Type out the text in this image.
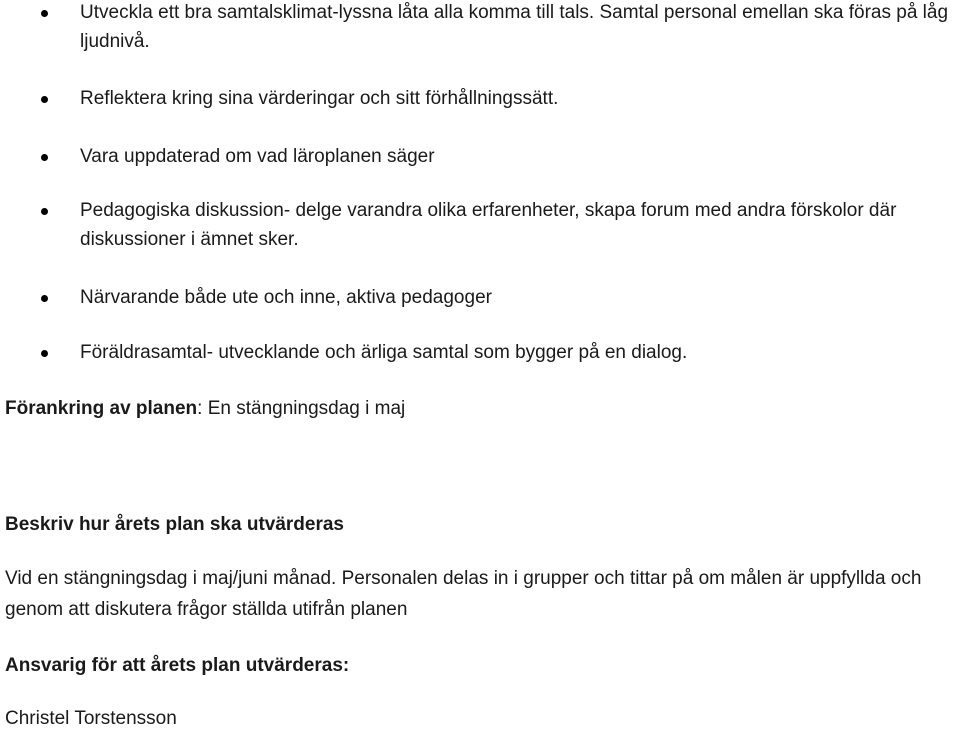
Utveckla ett bra samtalsklimat-lyssna låta alla komma till tals. Samtal personal emellan ska föras på låg ljudnivå.
Reflektera kring sina värderingar och sitt förhållningssätt.
Vara uppdaterad om vad läroplanen säger
Pedagogiska diskussion- delge varandra olika erfarenheter, skapa forum med andra förskolor där diskussioner i ämnet sker.
Närvarande både ute och inne, aktiva pedagoger
Föräldrasamtal- utvecklande och ärliga samtal som bygger på en dialog.
Förankring av planen: En stängningsdag i maj
Beskriv hur årets plan ska utvärderas
Vid en stängningsdag i maj/juni månad. Personalen delas in i grupper och tittar på om målen är uppfyllda och genom att diskutera frågor ställda utifrån planen
Ansvarig för att årets plan utvärderas:
Christel Torstensson
